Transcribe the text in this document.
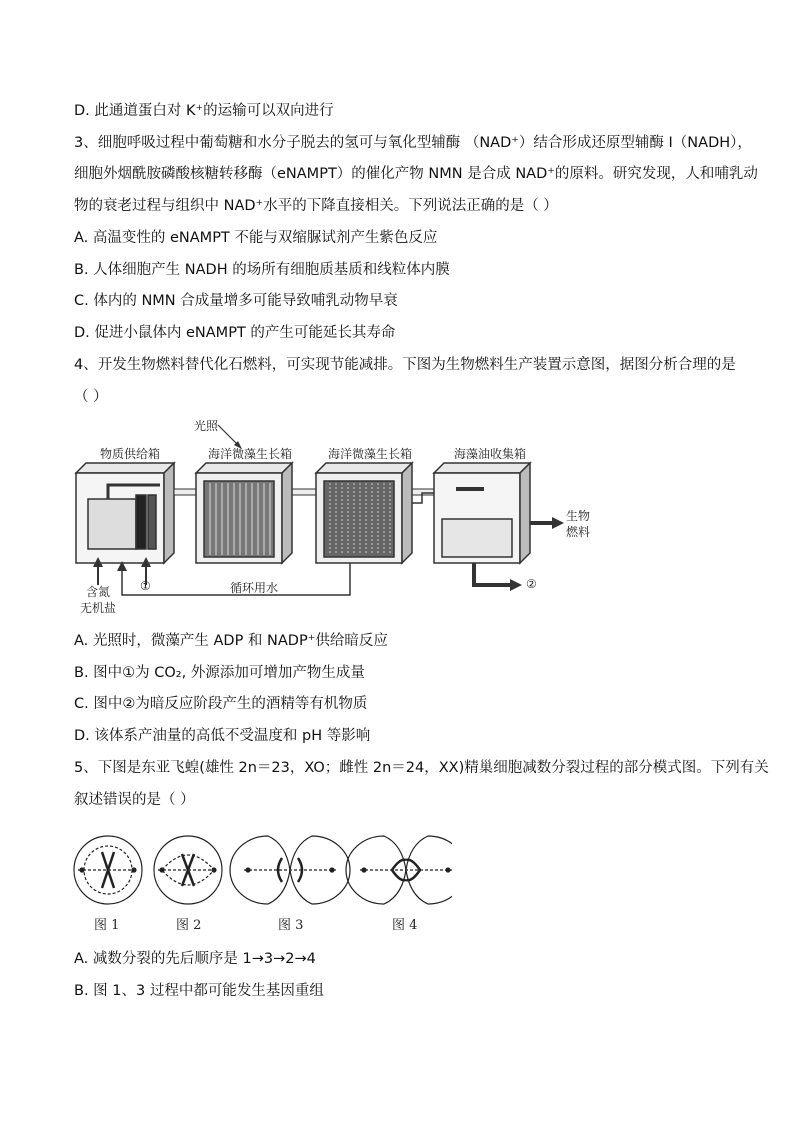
D. 此通道蛋白对 K⁺的运输可以双向进行
3、细胞呼吸过程中葡萄糖和水分子脱去的氢可与氧化型辅酶 （NAD⁺）结合形成还原型辅酶 I（NADH），
细胞外烟酰胺磷酸核糖转移酶（eNAMPT）的催化产物 NMN 是合成 NAD⁺的原料。研究发现，人和哺乳动
物的衰老过程与组织中 NAD⁺水平的下降直接相关。下列说法正确的是（ ）
A. 高温变性的 eNAMPT 不能与双缩脲试剂产生紫色反应
B. 人体细胞产生 NADH 的场所有细胞质基质和线粒体内膜
C. 体内的 NMN 合成量增多可能导致哺乳动物早衰
D. 促进小鼠体内 eNAMPT 的产生可能延长其寿命
4、开发生物燃料替代化石燃料，可实现节能减排。下图为生物燃料生产装置示意图，据图分析合理的是
（ ）
光照
物质供给箱	海洋微藻生长箱	海洋微藻生长箱	海藻油收集箱
生物
燃料
②
含氮
无机盐
①	循环用水
A. 光照时，微藻产生 ADP 和 NADP⁺供给暗反应
B. 图中①为 CO₂, 外源添加可增加产物生成量
C. 图中②为暗反应阶段产生的酒精等有机物质
D. 该体系产油量的高低不受温度和 pH 等影响
5、下图是东亚飞蝗(雄性 2n＝23，XO；雌性 2n＝24，XX)精巢细胞减数分裂过程的部分模式图。下列有关
叙述错误的是（ ）
图 1	图 2	图 3	图 4
A. 减数分裂的先后顺序是 1→3→2→4
B. 图 1、3 过程中都可能发生基因重组
